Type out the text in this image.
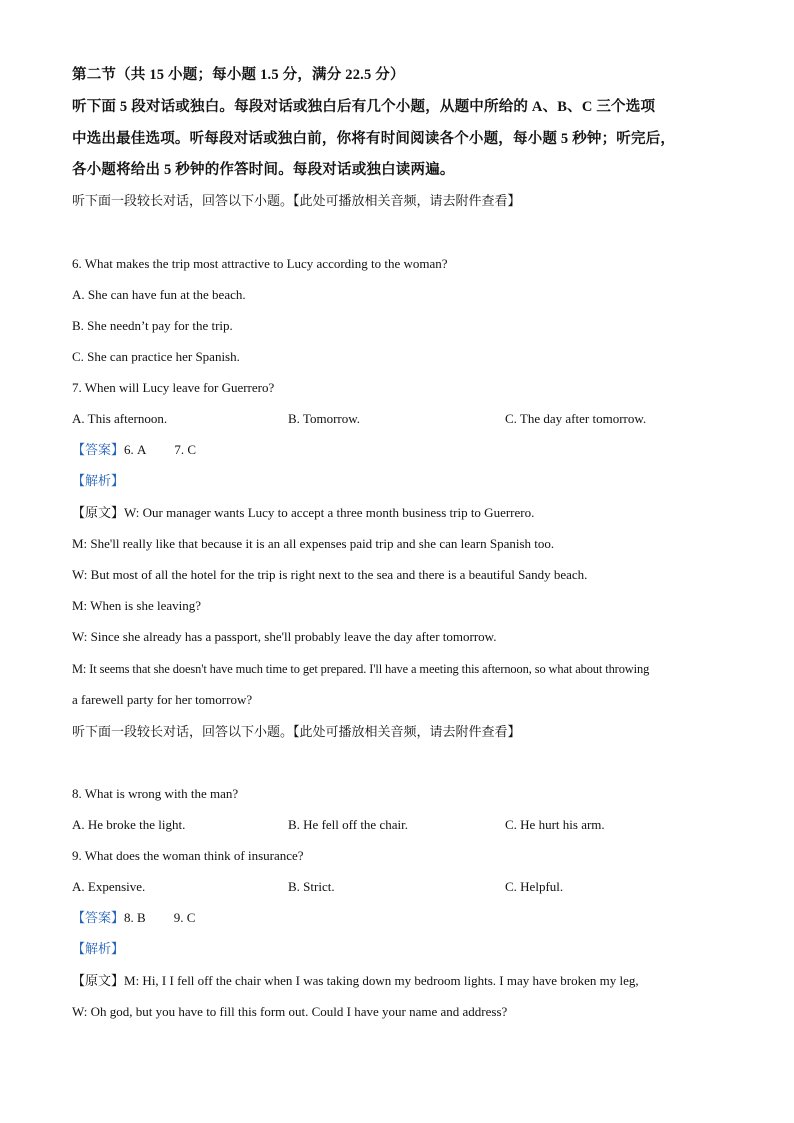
第二节（共 15 小题；每小题 1.5 分，满分 22.5 分）

听下面 5 段对话或独白。每段对话或独白后有几个小题，从题中所给的 A、B、C 三个选项

中选出最佳选项。听每段对话或独白前，你将有时间阅读各个小题，每小题 5 秒钟；听完后，

各小题将给出 5 秒钟的作答时间。每段对话或独白读两遍。

听下面一段较长对话，回答以下小题。【此处可播放相关音频，请去附件查看】

6. What makes the trip most attractive to Lucy according to the woman?

A. She can have fun at the beach.

B. She needn’t pay for the trip.

C. She can practice her Spanish.

7. When will Lucy leave for Guerrero?

A. This afternoon.	B. Tomorrow.	C. The day after tomorrow.

【答案】6. A 7. C

【解析】

【原文】W: Our manager wants Lucy to accept a three month business trip to Guerrero.

M: She'll really like that because it is an all expenses paid trip and she can learn Spanish too.

W: But most of all the hotel for the trip is right next to the sea and there is a beautiful Sandy beach.

M: When is she leaving?

W: Since she already has a passport, she'll probably leave the day after tomorrow.

M: It seems that she doesn't have much time to get prepared. I'll have a meeting this afternoon, so what about throwing

a farewell party for her tomorrow?

听下面一段较长对话，回答以下小题。【此处可播放相关音频，请去附件查看】

8. What is wrong with the man?

A. He broke the light.	B. He fell off the chair.	C. He hurt his arm.

9. What does the woman think of insurance?

A. Expensive.	B. Strict.	C. Helpful.

【答案】8. B 9. C

【解析】

【原文】M: Hi, I I fell off the chair when I was taking down my bedroom lights. I may have broken my leg,

W: Oh god, but you have to fill this form out. Could I have your name and address?
